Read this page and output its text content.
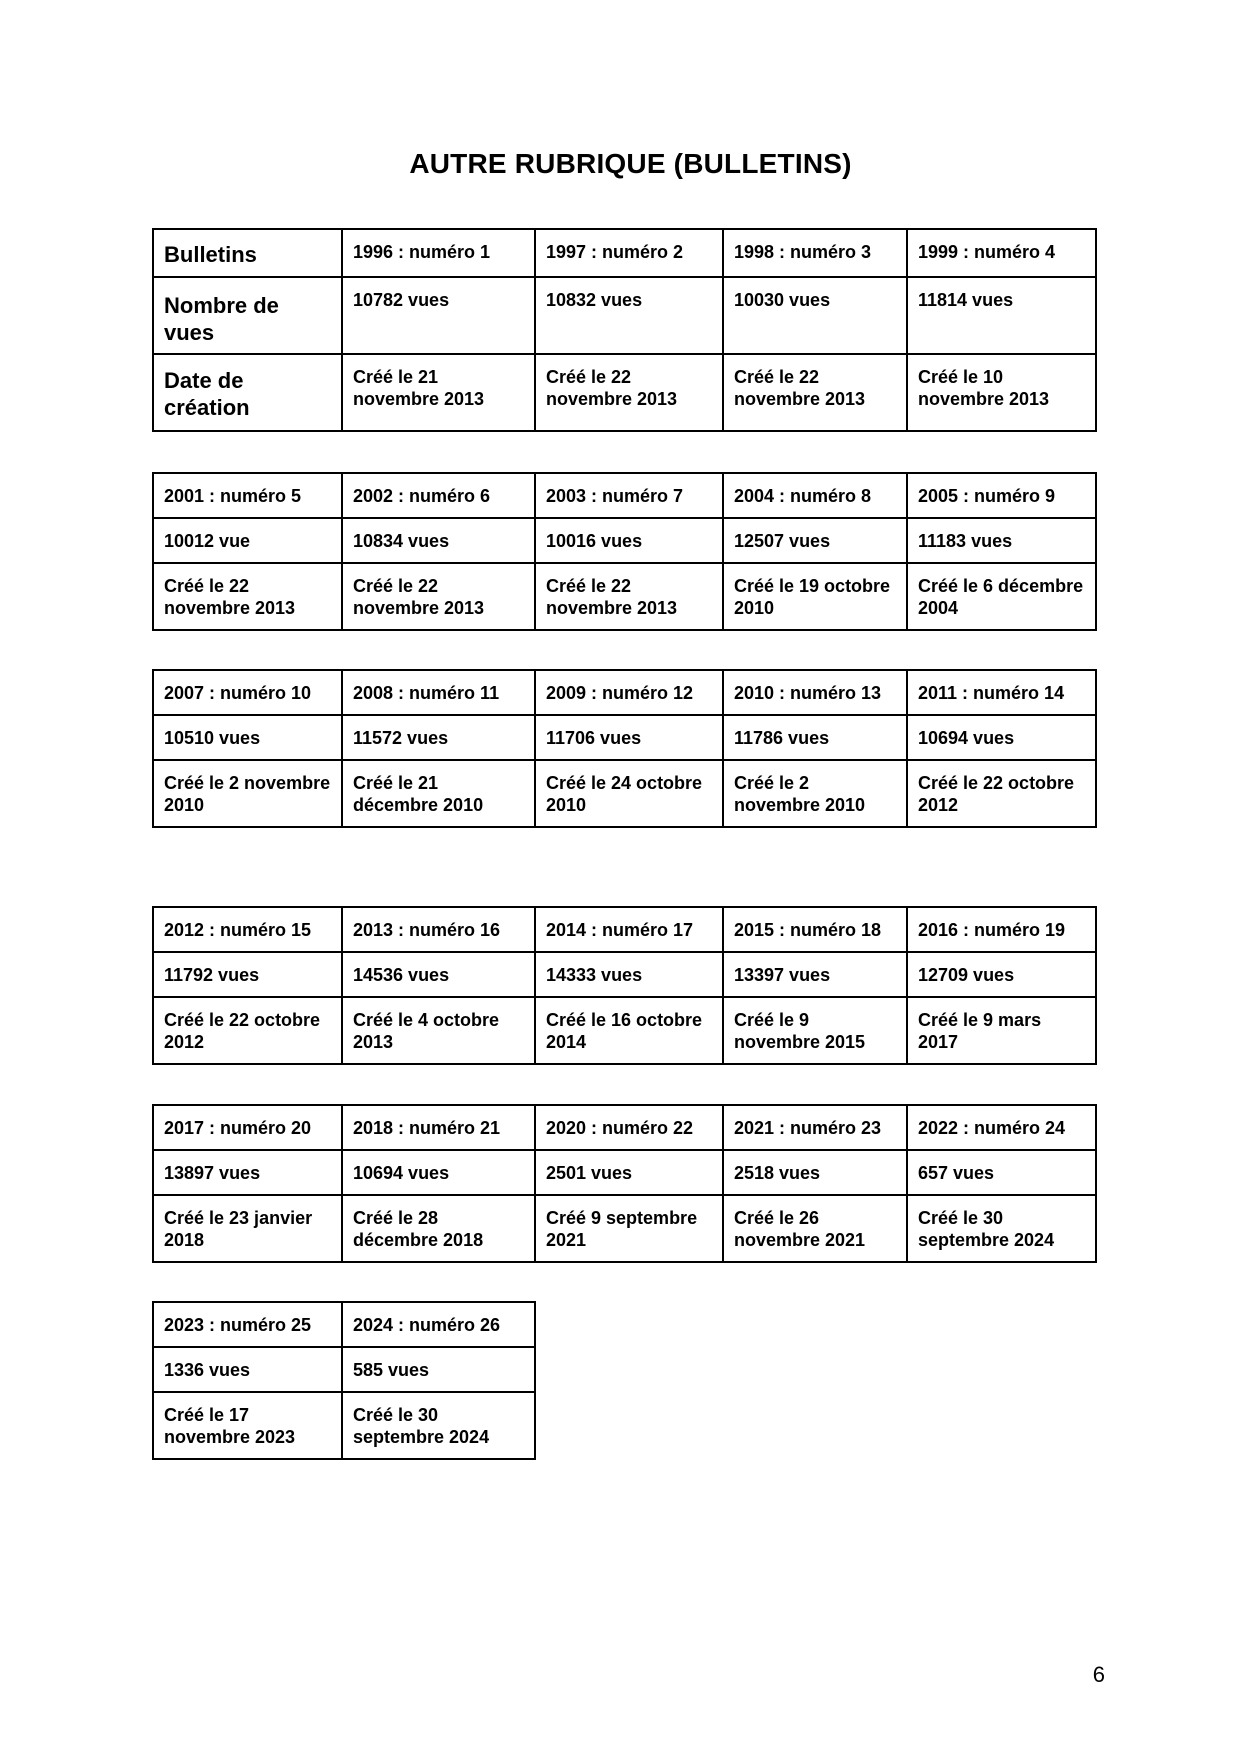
AUTRE RUBRIQUE (BULLETINS)
Bulletins	1996 : numéro 1	1997 : numéro 2	1998 : numéro 3	1999 : numéro 4
Nombre de vues	10782 vues	10832 vues	10030 vues	11814 vues
Date de création	Créé le 21 novembre 2013	Créé le 22 novembre 2013	Créé le 22 novembre 2013	Créé le 10 novembre 2013
2001 : numéro 5	2002 : numéro 6	2003 : numéro 7	2004 : numéro 8	2005 : numéro 9
10012 vue	10834 vues	10016 vues	12507 vues	11183 vues
Créé le 22 novembre 2013	Créé le 22 novembre 2013	Créé le 22 novembre 2013	Créé le 19 octobre 2010	Créé le 6 décembre 2004
2007 : numéro 10	2008 : numéro 11	2009 : numéro 12	2010 : numéro 13	2011 : numéro 14
10510 vues	11572 vues	11706 vues	11786 vues	10694 vues
Créé le 2 novembre 2010	Créé le 21 décembre 2010	Créé le 24 octobre 2010	Créé le 2 novembre 2010	Créé le 22 octobre 2012
2012 : numéro 15	2013 : numéro 16	2014 : numéro 17	2015 : numéro 18	2016 : numéro 19
11792 vues	14536 vues	14333 vues	13397 vues	12709 vues
Créé le 22 octobre 2012	Créé le 4 octobre 2013	Créé le 16 octobre 2014	Créé le 9 novembre 2015	Créé le 9 mars 2017
2017 : numéro 20	2018 : numéro 21	2020 : numéro 22	2021 : numéro 23	2022 : numéro 24
13897 vues	10694 vues	2501 vues	2518 vues	657 vues
Créé le 23 janvier 2018	Créé le 28 décembre 2018	Créé 9 septembre 2021	Créé le 26 novembre 2021	Créé le 30 septembre 2024
2023 : numéro 25	2024 : numéro 26
1336 vues	585 vues
Créé le 17 novembre 2023	Créé le 30 septembre 2024
6
